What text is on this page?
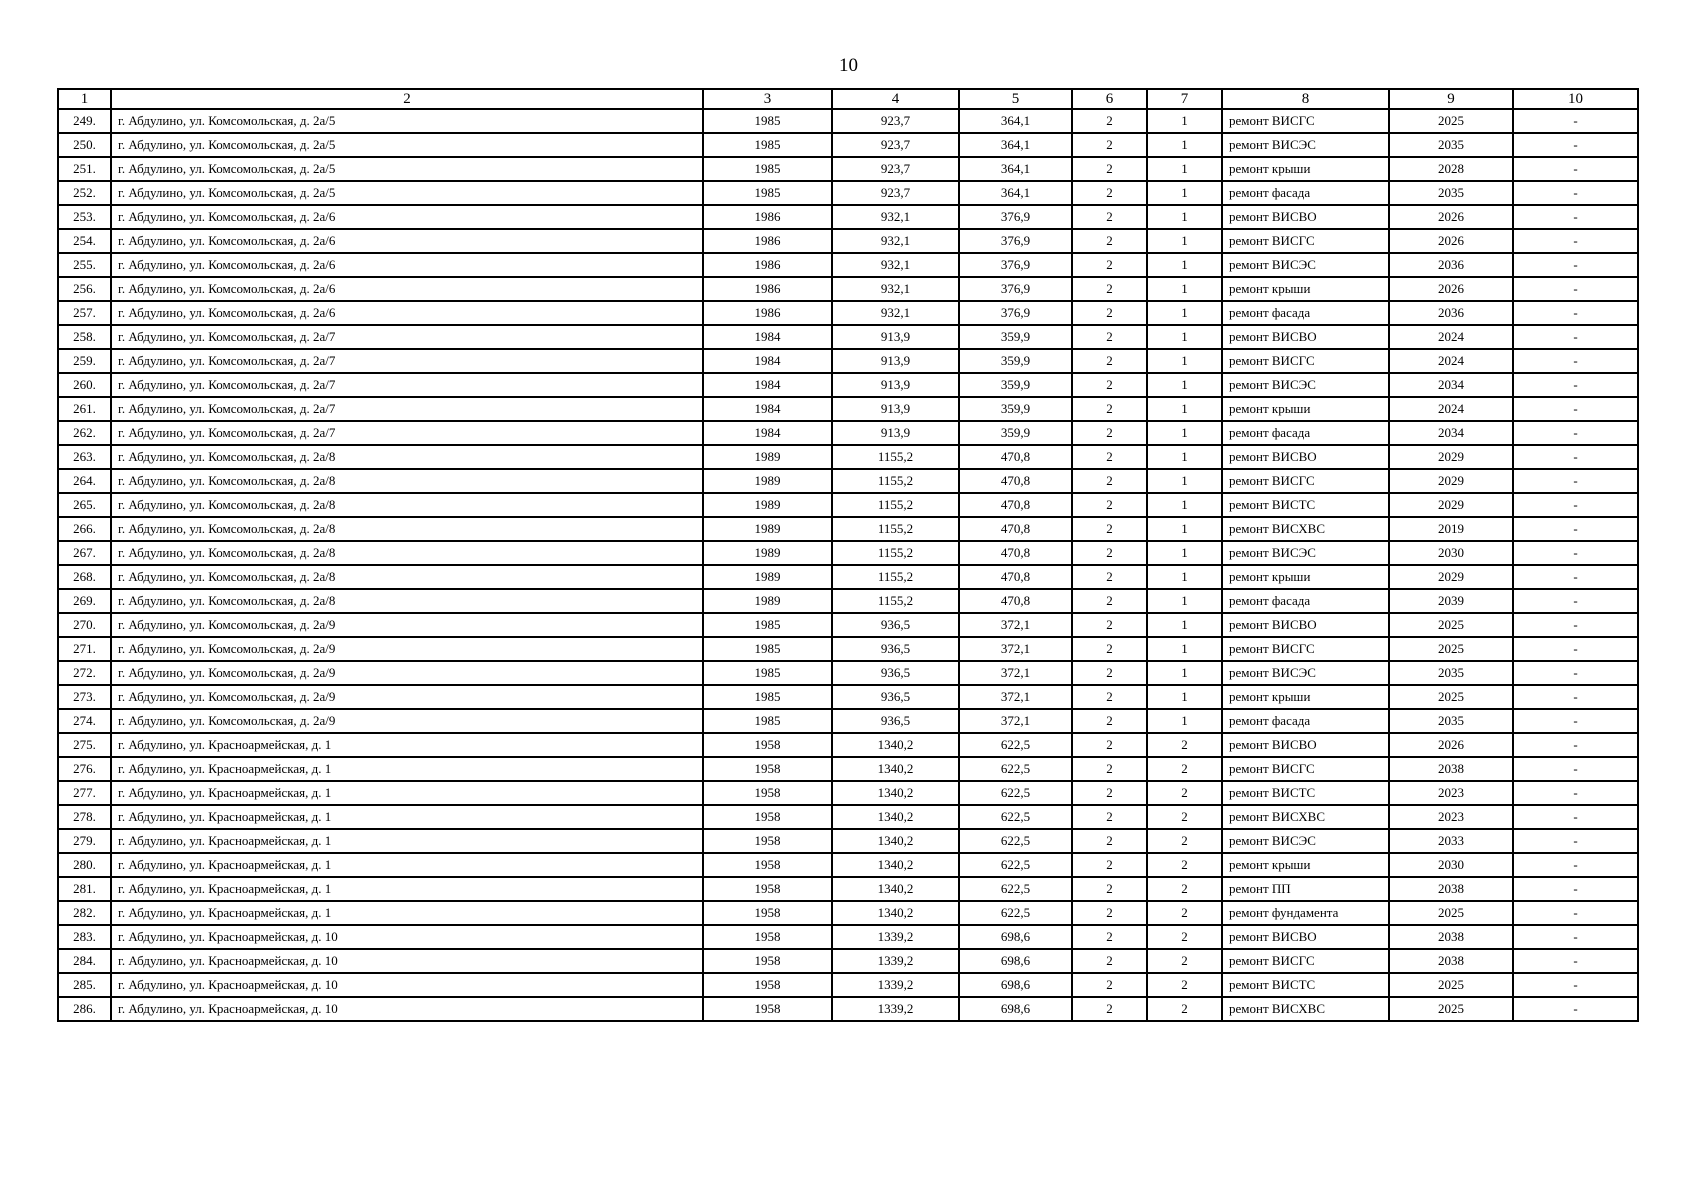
10
1	2	3	4	5	6	7	8	9	10
249.	г. Абдулино, ул. Комсомольская, д. 2а/5	1985	923,7	364,1	2	1	ремонт ВИСГС	2025	-
250.	г. Абдулино, ул. Комсомольская, д. 2а/5	1985	923,7	364,1	2	1	ремонт ВИСЭС	2035	-
251.	г. Абдулино, ул. Комсомольская, д. 2а/5	1985	923,7	364,1	2	1	ремонт крыши	2028	-
252.	г. Абдулино, ул. Комсомольская, д. 2а/5	1985	923,7	364,1	2	1	ремонт фасада	2035	-
253.	г. Абдулино, ул. Комсомольская, д. 2а/6	1986	932,1	376,9	2	1	ремонт ВИСВО	2026	-
254.	г. Абдулино, ул. Комсомольская, д. 2а/6	1986	932,1	376,9	2	1	ремонт ВИСГС	2026	-
255.	г. Абдулино, ул. Комсомольская, д. 2а/6	1986	932,1	376,9	2	1	ремонт ВИСЭС	2036	-
256.	г. Абдулино, ул. Комсомольская, д. 2а/6	1986	932,1	376,9	2	1	ремонт крыши	2026	-
257.	г. Абдулино, ул. Комсомольская, д. 2а/6	1986	932,1	376,9	2	1	ремонт фасада	2036	-
258.	г. Абдулино, ул. Комсомольская, д. 2а/7	1984	913,9	359,9	2	1	ремонт ВИСВО	2024	-
259.	г. Абдулино, ул. Комсомольская, д. 2а/7	1984	913,9	359,9	2	1	ремонт ВИСГС	2024	-
260.	г. Абдулино, ул. Комсомольская, д. 2а/7	1984	913,9	359,9	2	1	ремонт ВИСЭС	2034	-
261.	г. Абдулино, ул. Комсомольская, д. 2а/7	1984	913,9	359,9	2	1	ремонт крыши	2024	-
262.	г. Абдулино, ул. Комсомольская, д. 2а/7	1984	913,9	359,9	2	1	ремонт фасада	2034	-
263.	г. Абдулино, ул. Комсомольская, д. 2а/8	1989	1155,2	470,8	2	1	ремонт ВИСВО	2029	-
264.	г. Абдулино, ул. Комсомольская, д. 2а/8	1989	1155,2	470,8	2	1	ремонт ВИСГС	2029	-
265.	г. Абдулино, ул. Комсомольская, д. 2а/8	1989	1155,2	470,8	2	1	ремонт ВИСТС	2029	-
266.	г. Абдулино, ул. Комсомольская, д. 2а/8	1989	1155,2	470,8	2	1	ремонт ВИСХВС	2019	-
267.	г. Абдулино, ул. Комсомольская, д. 2а/8	1989	1155,2	470,8	2	1	ремонт ВИСЭС	2030	-
268.	г. Абдулино, ул. Комсомольская, д. 2а/8	1989	1155,2	470,8	2	1	ремонт крыши	2029	-
269.	г. Абдулино, ул. Комсомольская, д. 2а/8	1989	1155,2	470,8	2	1	ремонт фасада	2039	-
270.	г. Абдулино, ул. Комсомольская, д. 2а/9	1985	936,5	372,1	2	1	ремонт ВИСВО	2025	-
271.	г. Абдулино, ул. Комсомольская, д. 2а/9	1985	936,5	372,1	2	1	ремонт ВИСГС	2025	-
272.	г. Абдулино, ул. Комсомольская, д. 2а/9	1985	936,5	372,1	2	1	ремонт ВИСЭС	2035	-
273.	г. Абдулино, ул. Комсомольская, д. 2а/9	1985	936,5	372,1	2	1	ремонт крыши	2025	-
274.	г. Абдулино, ул. Комсомольская, д. 2а/9	1985	936,5	372,1	2	1	ремонт фасада	2035	-
275.	г. Абдулино, ул. Красноармейская, д. 1	1958	1340,2	622,5	2	2	ремонт ВИСВО	2026	-
276.	г. Абдулино, ул. Красноармейская, д. 1	1958	1340,2	622,5	2	2	ремонт ВИСГС	2038	-
277.	г. Абдулино, ул. Красноармейская, д. 1	1958	1340,2	622,5	2	2	ремонт ВИСТС	2023	-
278.	г. Абдулино, ул. Красноармейская, д. 1	1958	1340,2	622,5	2	2	ремонт ВИСХВС	2023	-
279.	г. Абдулино, ул. Красноармейская, д. 1	1958	1340,2	622,5	2	2	ремонт ВИСЭС	2033	-
280.	г. Абдулино, ул. Красноармейская, д. 1	1958	1340,2	622,5	2	2	ремонт крыши	2030	-
281.	г. Абдулино, ул. Красноармейская, д. 1	1958	1340,2	622,5	2	2	ремонт ПП	2038	-
282.	г. Абдулино, ул. Красноармейская, д. 1	1958	1340,2	622,5	2	2	ремонт фундамента	2025	-
283.	г. Абдулино, ул. Красноармейская, д. 10	1958	1339,2	698,6	2	2	ремонт ВИСВО	2038	-
284.	г. Абдулино, ул. Красноармейская, д. 10	1958	1339,2	698,6	2	2	ремонт ВИСГС	2038	-
285.	г. Абдулино, ул. Красноармейская, д. 10	1958	1339,2	698,6	2	2	ремонт ВИСТС	2025	-
286.	г. Абдулино, ул. Красноармейская, д. 10	1958	1339,2	698,6	2	2	ремонт ВИСХВС	2025	-
